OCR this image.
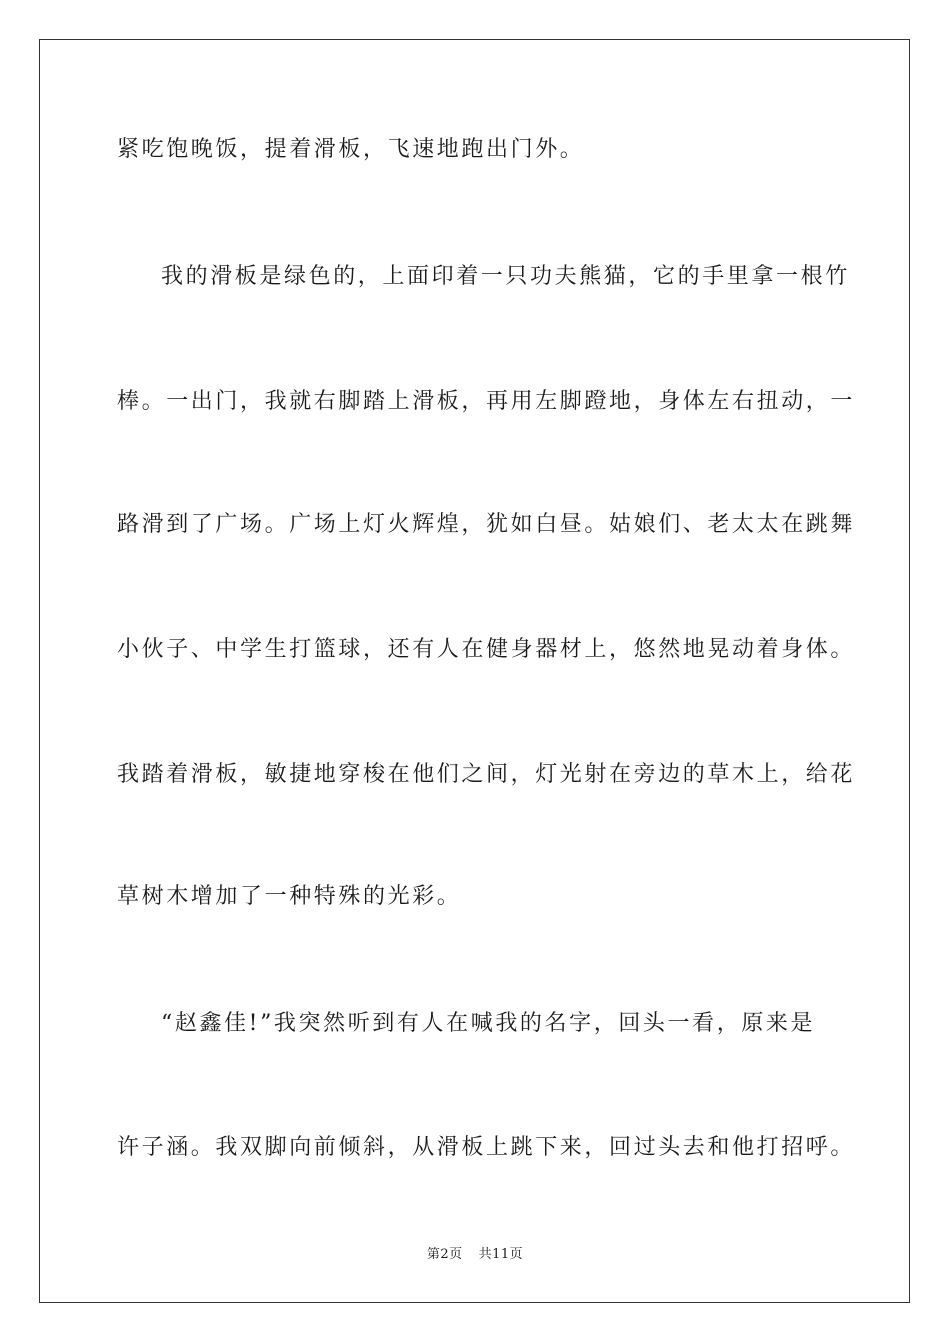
紧吃饱晚饭，提着滑板，飞速地跑出门外。
我的滑板是绿色的，上面印着一只功夫熊猫，它的手里拿一根竹
棒。一出门，我就右脚踏上滑板，再用左脚蹬地，身体左右扭动，一
路滑到了广场。广场上灯火辉煌，犹如白昼。姑娘们、老太太在跳舞
小伙子、中学生打篮球，还有人在健身器材上，悠然地晃动着身体。
我踏着滑板，敏捷地穿梭在他们之间，灯光射在旁边的草木上，给花
草树木增加了一种特殊的光彩。
“赵鑫佳!”我突然听到有人在喊我的名字，回头一看，原来是
许子涵。我双脚向前倾斜，从滑板上跳下来，回过头去和他打招呼。
第2页 共11页
